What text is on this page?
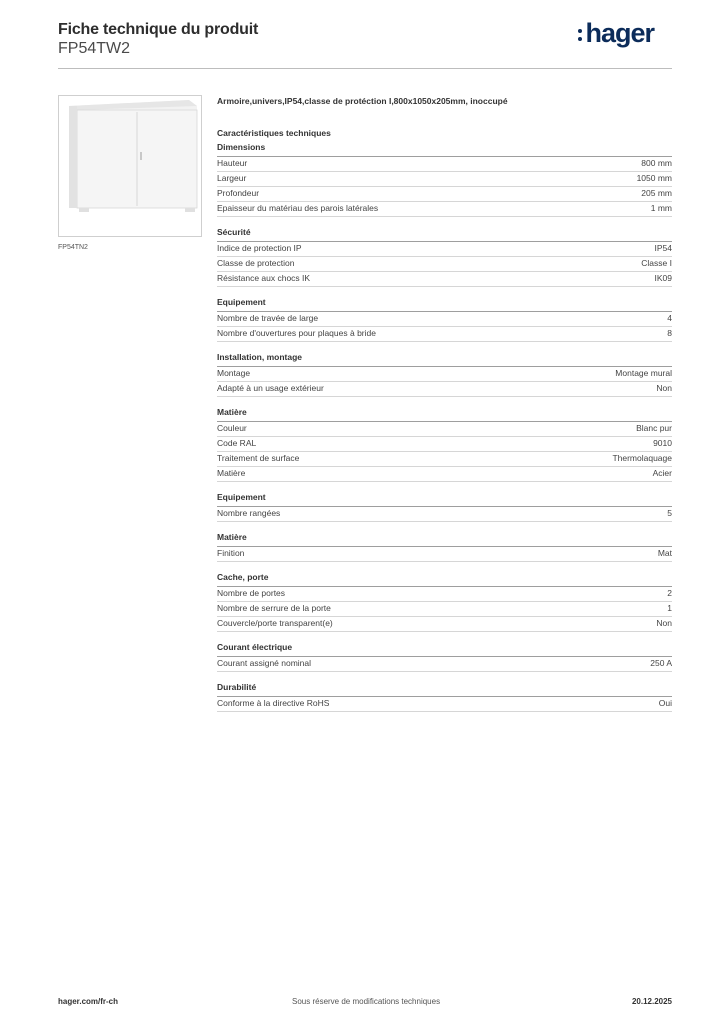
Fiche technique du produit

FP54TW2

hager
FP54TN2
Armoire,univers,IP54,classe de protéction I,800x1050x205mm, inoccupé
Caractéristiques techniques
Dimensions
Hauteur	800 mm
Largeur	1050 mm
Profondeur	205 mm
Epaisseur du matériau des parois latérales	1 mm
Sécurité
Indice de protection IP	IP54
Classe de protection	Classe I
Résistance aux chocs IK	IK09
Equipement
Nombre de travée de large	4
Nombre d'ouvertures pour plaques à bride	8
Installation, montage
Montage	Montage mural
Adapté à un usage extérieur	Non
Matière
Couleur	Blanc pur
Code RAL	9010
Traitement de surface	Thermolaquage
Matière	Acier
Equipement
Nombre rangées	5
Matière
Finition	Mat
Cache, porte
Nombre de portes	2
Nombre de serrure de la porte	1
Couvercle/porte transparent(e)	Non
Courant électrique
Courant assigné nominal	250 A
Durabilité
Conforme à la directive RoHS	Oui
hager.com/fr-ch	Sous réserve de modifications techniques	20.12.2025
